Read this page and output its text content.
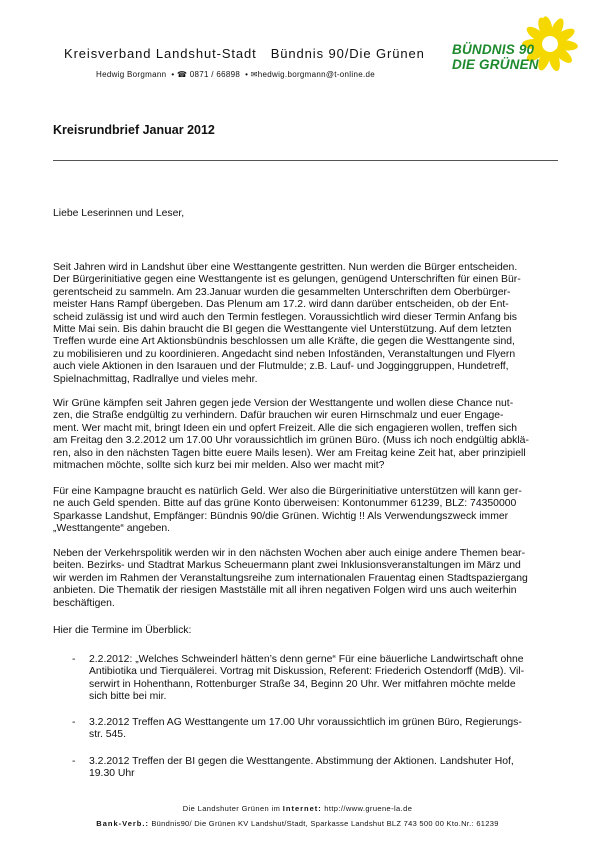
Kreisverband Landshut-Stadt Bündnis 90/Die Grünen
Hedwig Borgmann  • ☎ 0871 / 66898  • ✉hedwig.borgmann@t-online.de
BÜNDNIS 90
DIE GRÜNEN
Kreisrundbrief Januar 2012
Liebe Leserinnen und Leser,
Seit Jahren wird in Landshut über eine Westtangente gestritten. Nun werden die Bürger entscheiden.
Der Bürgerinitiative gegen eine Westtangente ist es gelungen, genügend Unterschriften für einen Bür-
gerentscheid zu sammeln. Am 23.Januar wurden die gesammelten Unterschriften dem Oberbürger-
meister Hans Rampf übergeben. Das Plenum am 17.2. wird dann darüber entscheiden, ob der Ent-
scheid zulässig ist und wird auch den Termin festlegen. Voraussichtlich wird dieser Termin Anfang bis
Mitte Mai sein. Bis dahin braucht die BI gegen die Westtangente viel Unterstützung. Auf dem letzten
Treffen wurde eine Art Aktionsbündnis beschlossen um alle Kräfte, die gegen die Westtangente sind,
zu mobilisieren und zu koordinieren. Angedacht sind neben Infoständen, Veranstaltungen und Flyern
auch viele Aktionen in den Isarauen und der Flutmulde; z.B. Lauf- und Jogginggruppen, Hundetreff,
Spielnachmittag, Radlrallye und vieles mehr.
Wir Grüne kämpfen seit Jahren gegen jede Version der Westtangente und wollen diese Chance nut-
zen, die Straße endgültig zu verhindern. Dafür brauchen wir euren Hirnschmalz und euer Engage-
ment. Wer macht mit, bringt Ideen ein und opfert Freizeit. Alle die sich engagieren wollen, treffen sich
am Freitag den 3.2.2012 um 17.00 Uhr voraussichtlich im grünen Büro. (Muss ich noch endgültig abklä-
ren, also in den nächsten Tagen bitte euere Mails lesen). Wer am Freitag keine Zeit hat, aber prinzipiell
mitmachen möchte, sollte sich kurz bei mir melden. Also wer macht mit?
Für eine Kampagne braucht es natürlich Geld. Wer also die Bürgerinitiative unterstützen will kann ger-
ne auch Geld spenden. Bitte auf das grüne Konto überweisen: Kontonummer 61239, BLZ: 74350000
Sparkasse Landshut, Empfänger: Bündnis 90/die Grünen. Wichtig !! Als Verwendungszweck immer
„Westtangente“ angeben.
Neben der Verkehrspolitik werden wir in den nächsten Wochen aber auch einige andere Themen bear-
beiten. Bezirks- und Stadtrat Markus Scheuermann plant zwei Inklusionsveranstaltungen im März und
wir werden im Rahmen der Veranstaltungsreihe zum internationalen Frauentag einen Stadtspaziergang
anbieten. Die Thematik der riesigen Mastställe mit all ihren negativen Folgen wird uns auch weiterhin
beschäftigen.
Hier die Termine im Überblick:
- 2.2.2012: „Welches Schweinderl hätten’s denn gerne“ Für eine bäuerliche Landwirtschaft ohne
Antibiotika und Tierquälerei. Vortrag mit Diskussion, Referent: Friederich Ostendorff (MdB). Vil-
serwirt in Hohenthann, Rottenburger Straße 34, Beginn 20 Uhr. Wer mitfahren möchte melde
sich bitte bei mir.
- 3.2.2012 Treffen AG Westtangente um 17.00 Uhr voraussichtlich im grünen Büro, Regierungs-
str. 545.
- 3.2.2012 Treffen der BI gegen die Westtangente. Abstimmung der Aktionen. Landshuter Hof,
19.30 Uhr
Die Landshuter Grünen im Internet: http://www.gruene-la.de
Bank-Verb.: Bündnis90/ Die Grünen KV Landshut/Stadt, Sparkasse Landshut BLZ 743 500 00 Kto.Nr.: 61239
